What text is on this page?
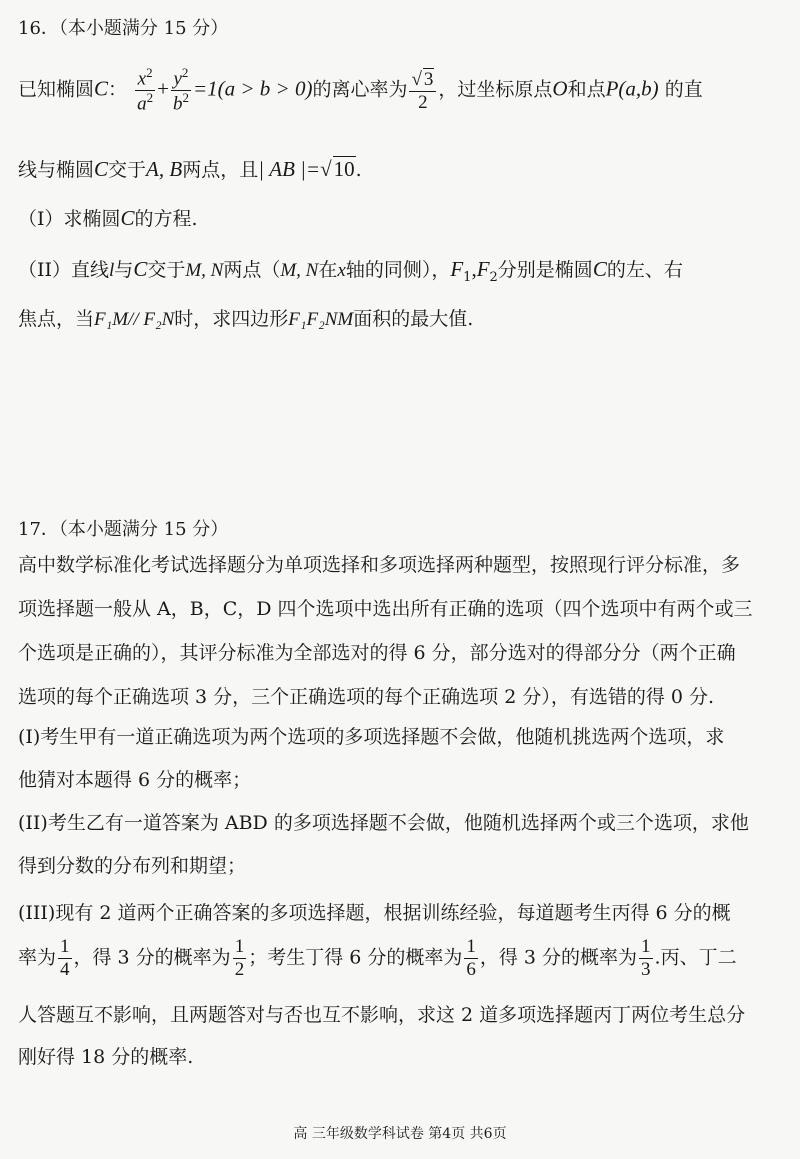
16．（本小题满分 15 分）
已知椭圆C： $\frac{x^2}{a^2} + \frac{y^2}{b^2} =1(a > b > 0)$的离心率为 $\frac{√ 3}{2}$ ，过坐标原点O和点P(a,b) 的直
线与椭圆C交于A, B两点，且| AB |=√10.
（I）求椭圆C的方程.
（II）直线l与C交于M, N两点（M, N在x轴的同侧），$F_1,F_2$分别是椭圆C的左、右
焦点，当F₁M// F₂N时，求四边形F₁F₂NM面积的最大值.
17．（本小题满分 15 分）
高中数学标准化考试选择题分为单项选择和多项选择两种题型，按照现行评分标准，多
项选择题一般从 A，B，C，D 四个选项中选出所有正确的选项（四个选项中有两个或三
个选项是正确的），其评分标准为全部选对的得 6 分，部分选对的得部分分（两个正确
选项的每个正确选项 3 分，三个正确选项的每个正确选项 2 分），有选错的得 0 分.
(I)考生甲有一道正确选项为两个选项的多项选择题不会做，他随机挑选两个选项，求
他猜对本题得 6 分的概率；
(II)考生乙有一道答案为 ABD 的多项选择题不会做，他随机选择两个或三个选项，求他
得到分数的分布列和期望；
(III)现有 2 道两个正确答案的多项选择题，根据训练经验，每道题考生丙得 6 分的概
率为 $\frac{1}{4}$ ，得 3 分的概率为 $\frac{1}{2}$ ；考生丁得 6 分的概率为 $\frac{1}{6}$ ，得 3 分的概率为 $\frac{1}{3}$ .丙、丁二
人答题互不影响，且两题答对与否也互不影响，求这 2 道多项选择题丙丁两位考生总分
刚好得 18 分的概率.
高 三年级数学科试卷 第4页 共6页
